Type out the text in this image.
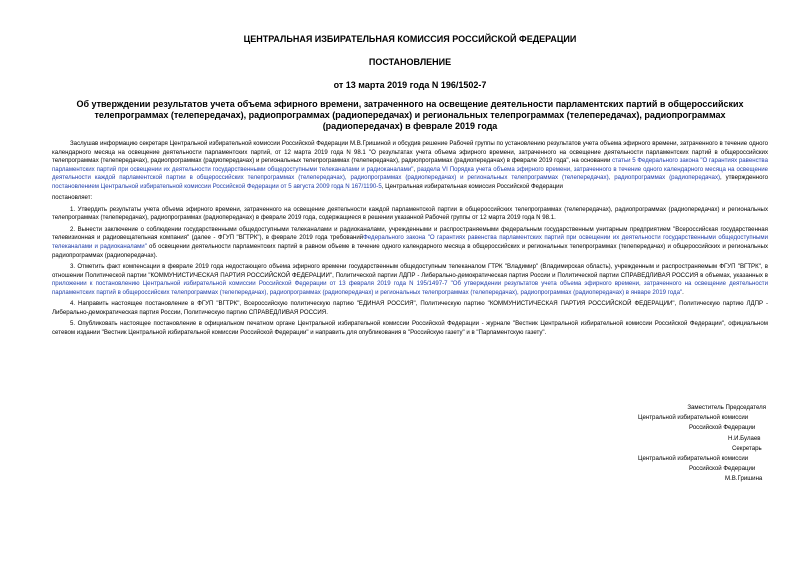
ЦЕНТРАЛЬНАЯ ИЗБИРАТЕЛЬНАЯ КОМИССИЯ РОССИЙСКОЙ ФЕДЕРАЦИИ
ПОСТАНОВЛЕНИЕ
от 13 марта 2019 года N 196/1502-7
Об утверждении результатов учета объема эфирного времени, затраченного на освещение деятельности парламентских партий в общероссийских телепрограммах (телепередачах), радиопрограммах (радиопередачах) и региональных телепрограммах (телепередачах), радиопрограммах (радиопередачах) в феврале 2019 года

Заслушав информацию секретаря Центральной избирательной комиссии Российской Федерации М.В.Гришиной и обсудив решение Рабочей группы по установлению результатов учета объема эфирного времени, затраченного в течение одного календарного месяца на освещение деятельности парламентских партий, от 12 марта 2019 года N 98.1 "О результатах учета объема эфирного времени, затраченного на освещение деятельности парламентских партий в общероссийских телепрограммах (телепередачах), радиопрограммах (радиопередачах) и региональных телепрограммах (телепередачах), радиопрограммах (радиопередачах) в феврале 2019 года", на основании статьи 5 Федерального закона "О гарантиях равенства парламентских партий при освещении их деятельности государственными общедоступными телеканалами и радиоканалами", раздела VI Порядка учета объема эфирного времени, затраченного в течение одного календарного месяца на освещение деятельности каждой парламентской партии в общероссийских телепрограммах (телепередачах), радиопрограммах (радиопередачах) и региональных телепрограммах (телепередачах), радиопрограммах (радиопередачах), утвержденного постановлением Центральной избирательной комиссии Российской Федерации от 5 августа 2009 года N 167/1190-5, Центральная избирательная комиссия Российской Федерации

постановляет:

1. Утвердить результаты учета объема эфирного времени, затраченного на освещение деятельности каждой парламентской партии в общероссийских телепрограммах (телепередачах), радиопрограммах (радиопередачах) и региональных телепрограммах (телепередачах), радиопрограммах (радиопередачах) в феврале 2019 года, содержащиеся в решении указанной Рабочей группы от 12 марта 2019 года N 98.1.

2. Вынести заключение о соблюдении государственными общедоступными телеканалами и радиоканалами, учрежденными и распространяемыми федеральным государственным унитарным предприятием "Всероссийская государственная телевизионная и радиовещательная компания" (далее - ФГУП "ВГТРК"), в феврале 2019 года требованийФедерального закона "О гарантиях равенства парламентских партий при освещении их деятельности государственными общедоступными телеканалами и радиоканалами" об освещении деятельности парламентских партий в равном объеме в течение одного календарного месяца в общероссийских и региональных телепрограммах (телепередачах) и общероссийских и региональных радиопрограммах (радиопередачах).

3. Отметить факт компенсации в феврале 2019 года недостающего объема эфирного времени государственным общедоступным телеканалом ГТРК "Владимир" (Владимирская область), учрежденным и распространяемым ФГУП "ВГТРК", в отношении Политической партии "КОММУНИСТИЧЕСКАЯ ПАРТИЯ РОССИЙСКОЙ ФЕДЕРАЦИИ", Политической партии ЛДПР - Либерально-демократическая партия России и Политической партии СПРАВЕДЛИВАЯ РОССИЯ в объемах, указанных в приложении к постановлению Центральной избирательной комиссии Российской Федерации от 13 февраля 2019 года N 195/1497-7 "Об утверждении результатов учета объема эфирного времени, затраченного на освещение деятельности парламентских партий в общероссийских телепрограммах (телепередачах), радиопрограммах (радиопередачах) и региональных телепрограммах (телепередачах), радиопрограммах (радиопередачах) в январе 2019 года".

4. Направить настоящее постановление в ФГУП "ВГТРК", Всероссийскую политическую партию "ЕДИНАЯ РОССИЯ", Политическую партию "КОММУНИСТИЧЕСКАЯ ПАРТИЯ РОССИЙСКОЙ ФЕДЕРАЦИИ", Политическую партию ЛДПР - Либерально-демократическая партия России, Политическую партию СПРАВЕДЛИВАЯ РОССИЯ.

5. Опубликовать настоящее постановление в официальном печатном органе Центральной избирательной комиссии Российской Федерации - журнале "Вестник Центральной избирательной комиссии Российской Федерации", официальном сетевом издании "Вестник Центральной избирательной комиссии Российской Федерации" и направить для опубликования в "Российскую газету" и в "Парламентскую газету".

Заместитель Председателя
Центральной избирательной комиссии
Российской Федерации
Н.И.Булаев
Секретарь
Центральной избирательной комиссии
Российской Федерации
М.В.Гришина
